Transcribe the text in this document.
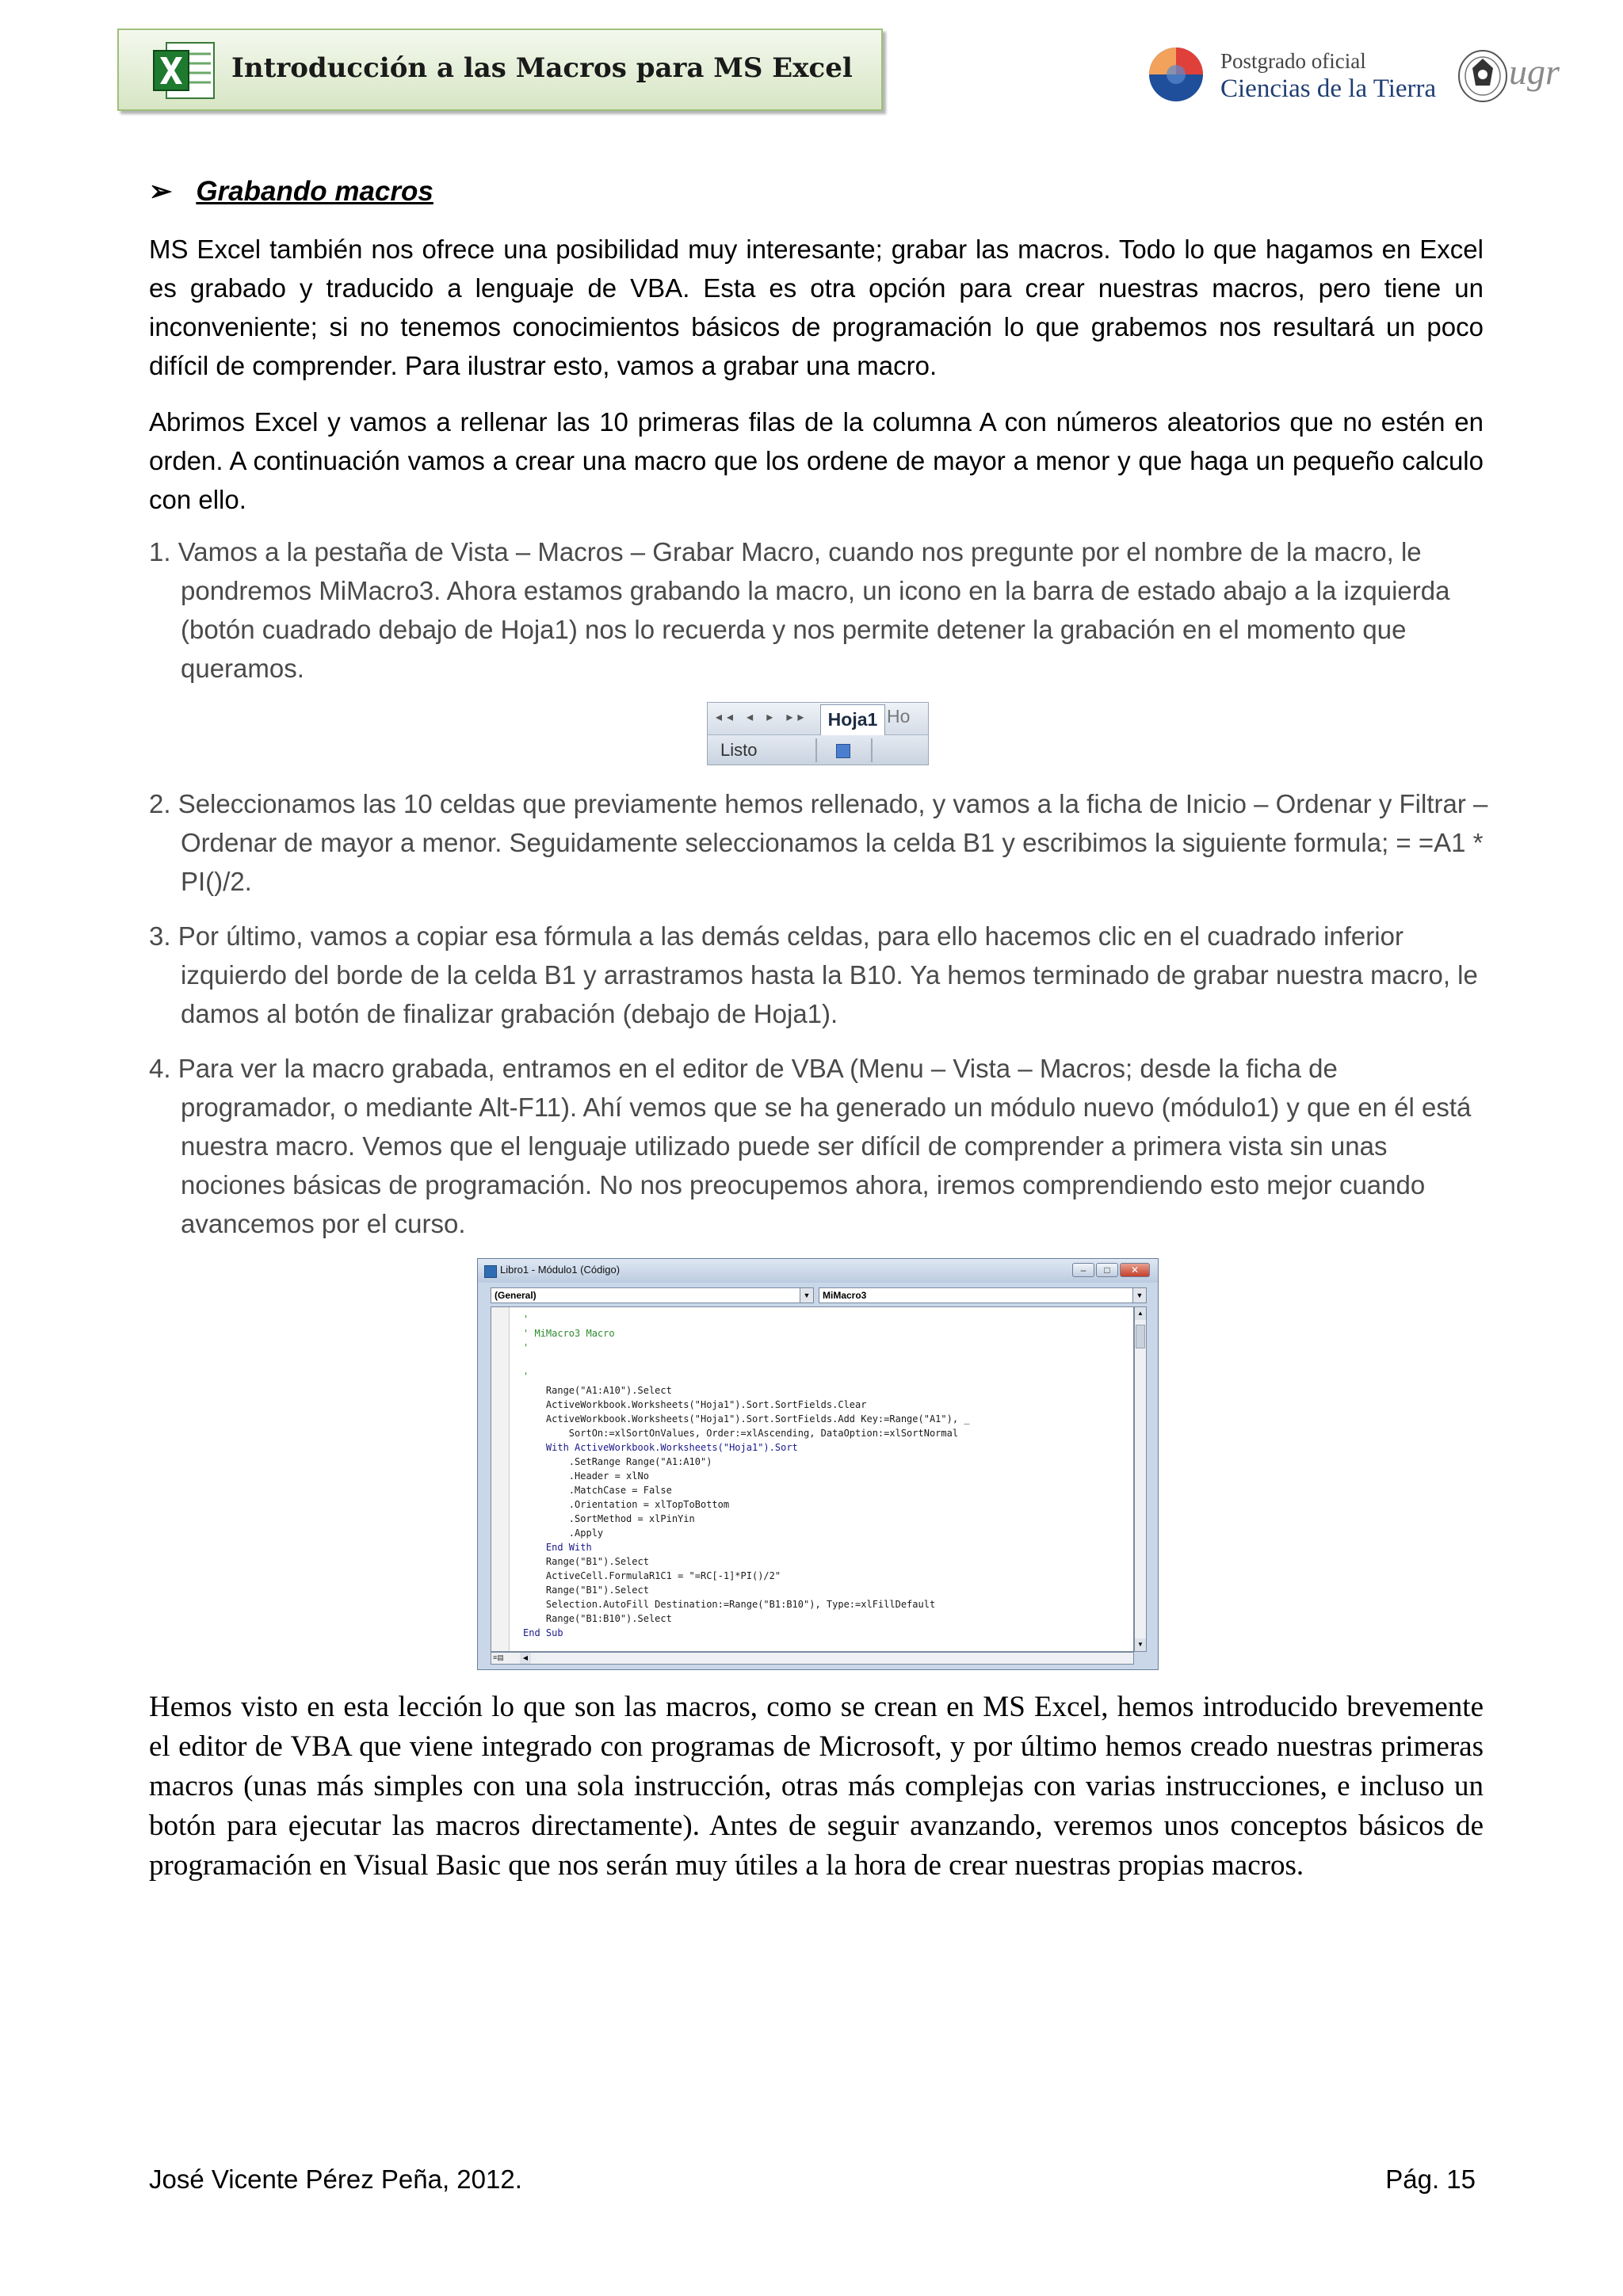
Introducción a las Macros para MS Excel	Postgrado oficial
Ciencias de la Tierra ugr
➢ Grabando macros

MS Excel también nos ofrece una posibilidad muy interesante; grabar las macros. Todo lo que hagamos en Excel es grabado y traducido a lenguaje de VBA. Esta es otra opción para crear nuestras macros, pero tiene un inconveniente; si no tenemos conocimientos básicos de programación lo que grabemos nos resultará un poco difícil de comprender. Para ilustrar esto, vamos a grabar una macro.

Abrimos Excel y vamos a rellenar las 10 primeras filas de la columna A con números aleatorios que no estén en orden. A continuación vamos a crear una macro que los ordene de mayor a menor y que haga un pequeño calculo con ello.

1. Vamos a la pestaña de Vista – Macros – Grabar Macro, cuando nos pregunte por el nombre de la macro, le pondremos MiMacro3. Ahora estamos grabando la macro, un icono en la barra de estado abajo a la izquierda (botón cuadrado debajo de Hoja1) nos lo recuerda y nos permite detener la grabación en el momento que queramos.

◂◂ ◂ ▸ ▸▸	Hoja1 Ho
Listo

2. Seleccionamos las 10 celdas que previamente hemos rellenado, y vamos a la ficha de Inicio – Ordenar y Filtrar – Ordenar de mayor a menor. Seguidamente seleccionamos la celda B1 y escribimos la siguiente formula; = =A1 * PI()/2.

3. Por último, vamos a copiar esa fórmula a las demás celdas, para ello hacemos clic en el cuadrado inferior izquierdo del borde de la celda B1 y arrastramos hasta la B10. Ya hemos terminado de grabar nuestra macro, le damos al botón de finalizar grabación (debajo de Hoja1).

4. Para ver la macro grabada, entramos en el editor de VBA (Menu – Vista – Macros; desde la ficha de programador, o mediante Alt-F11). Ahí vemos que se ha generado un módulo nuevo (módulo1) y que en él está nuestra macro. Vemos que el lenguaje utilizado puede ser difícil de comprender a primera vista sin unas nociones básicas de programación. No nos preocupemos ahora, iremos comprendiendo esto mejor cuando avancemos por el curso.

Libro1 - Módulo1 (Código)	–	□	✕
(General)	▼	MiMacro3	▼
'
' MiMacro3 Macro
'
'
Range("A1:A10").Select
ActiveWorkbook.Worksheets("Hoja1").Sort.SortFields.Clear
ActiveWorkbook.Worksheets("Hoja1").Sort.SortFields.Add Key:=Range("A1"), _
SortOn:=xlSortOnValues, Order:=xlAscending, DataOption:=xlSortNormal
With ActiveWorkbook.Worksheets("Hoja1").Sort
.SetRange Range("A1:A10")
.Header = xlNo
.MatchCase = False
.Orientation = xlTopToBottom
.SortMethod = xlPinYin
.Apply
End With
Range("B1").Select
ActiveCell.FormulaR1C1 = "=RC[-1]*PI()/2"
Range("B1").Select
Selection.AutoFill Destination:=Range("B1:B10"), Type:=xlFillDefault
Range("B1:B10").Select
End Sub
▲
▼
≡▤	◀

Hemos visto en esta lección lo que son las macros, como se crean en MS Excel, hemos introducido brevemente el editor de VBA que viene integrado con programas de Microsoft, y por último hemos creado nuestras primeras macros (unas más simples con una sola instrucción, otras más complejas con varias instrucciones, e incluso un botón para ejecutar las macros directamente). Antes de seguir avanzando, veremos unos conceptos básicos de programación en Visual Basic que nos serán muy útiles a la hora de crear nuestras propias macros.

José Vicente Pérez Peña, 2012.	Pág. 15
